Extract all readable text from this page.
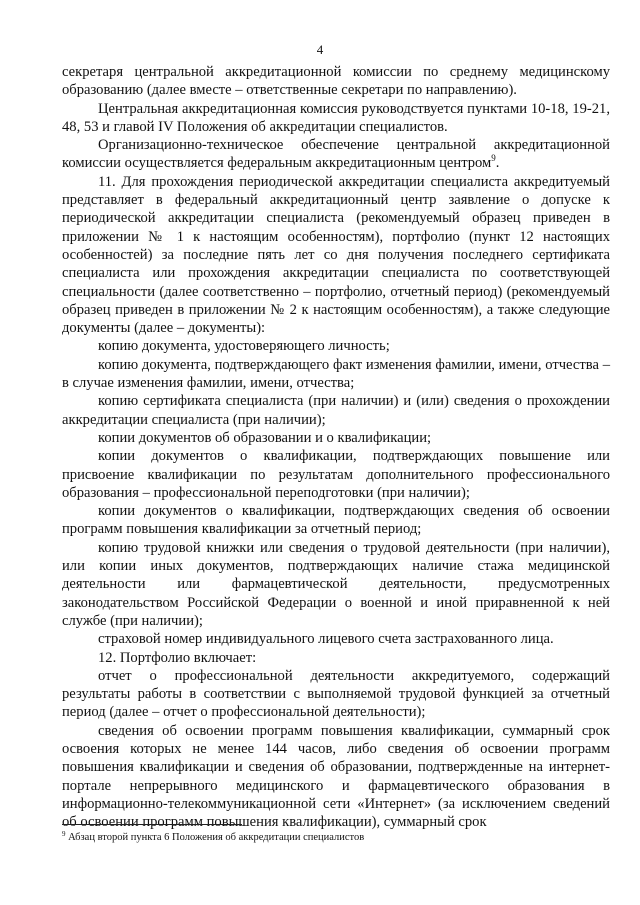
4

секретаря центральной аккредитационной комиссии по среднему медицинскому образованию (далее вместе – ответственные секретари по направлению).

Центральная аккредитационная комиссия руководствуется пунктами 10-18, 19-21, 48, 53 и главой IV Положения об аккредитации специалистов.

Организационно-техническое обеспечение центральной аккредитационной комиссии осуществляется федеральным аккредитационным центром$^9$.

11. Для прохождения периодической аккредитации специалиста аккредитуемый представляет в федеральный аккредитационный центр заявление о допуске к периодической аккредитации специалиста (рекомендуемый образец приведен в приложении № 1 к настоящим особенностям), портфолио (пункт 12 настоящих особенностей) за последние пять лет со дня получения последнего сертификата специалиста или прохождения аккредитации специалиста по соответствующей специальности (далее соответственно – портфолио, отчетный период) (рекомендуемый образец приведен в приложении № 2 к настоящим особенностям), а также следующие документы (далее – документы):

копию документа, удостоверяющего личность;

копию документа, подтверждающего факт изменения фамилии, имени, отчества – в случае изменения фамилии, имени, отчества;

копию сертификата специалиста (при наличии) и (или) сведения о прохождении аккредитации специалиста (при наличии);

копии документов об образовании и о квалификации;

копии документов о квалификации, подтверждающих повышение или присвоение квалификации по результатам дополнительного профессионального образования – профессиональной переподготовки (при наличии);

копии документов о квалификации, подтверждающих сведения об освоении программ повышения квалификации за отчетный период;

копию трудовой книжки или сведения о трудовой деятельности (при наличии), или копии иных документов, подтверждающих наличие стажа медицинской деятельности или фармацевтической деятельности, предусмотренных законодательством Российской Федерации о военной и иной приравненной к ней службе (при наличии);

страховой номер индивидуального лицевого счета застрахованного лица.

12. Портфолио включает:

отчет о профессиональной деятельности аккредитуемого, содержащий результаты работы в соответствии с выполняемой трудовой функцией за отчетный период (далее – отчет о профессиональной деятельности);

сведения об освоении программ повышения квалификации, суммарный срок освоения которых не менее 144 часов, либо сведения об освоении программ повышения квалификации и сведения об образовании, подтвержденные на интернет-портале непрерывного медицинского и фармацевтического образования в информационно-телекоммуникационной сети «Интернет» (за исключением сведений об освоении программ повышения квалификации), суммарный срок

$^9$ Абзац второй пункта 6 Положения об аккредитации специалистов
